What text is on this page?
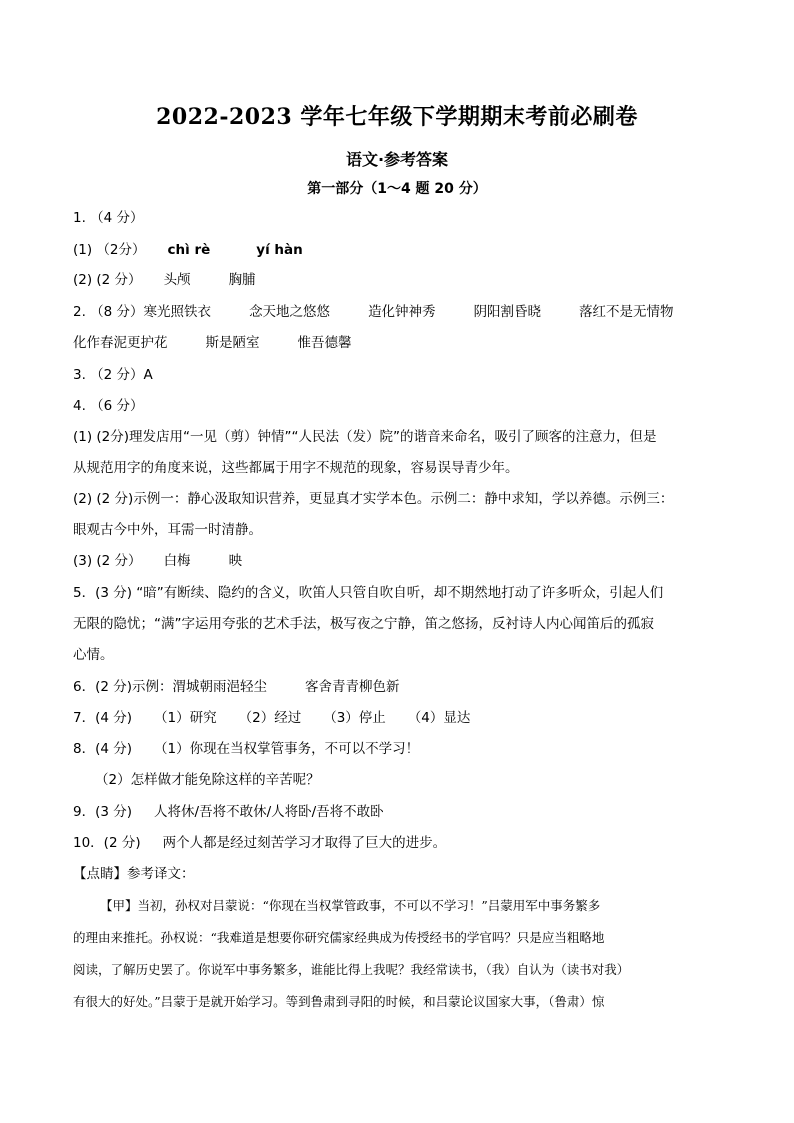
2022-2023 学年七年级下学期期末考前必刷卷
语文·参考答案
第一部分（1～4 题 20 分）
1. （4 分）
(1) （2分） chì rè	yí hàn
(2) (2 分） 头颅	胸脯
2. （8 分）寒光照铁衣	念天地之悠悠	造化钟神秀	阴阳割昏晓	落红不是无情物
化作春泥更护花	斯是陋室	惟吾德馨
3. （2 分）A
4. （6 分）
(1) (2分)理发店用“一见（剪）钟情”“人民法（发）院”的谐音来命名，吸引了顾客的注意力，但是
从规范用字的角度来说，这些都属于用字不规范的现象，容易误导青少年。
(2) (2 分)示例一：静心汲取知识营养，更显真才实学本色。示例二：静中求知，学以养德。示例三：
眼观古今中外，耳需一时清静。
(3) (2 分） 白梅	映
5．(3 分) “暗”有断续、隐约的含义，吹笛人只管自吹自听，却不期然地打动了许多听众，引起人们
无限的隐忧；“满”字运用夸张的艺术手法，极写夜之宁静，笛之悠扬，反衬诗人内心闻笛后的孤寂
心情。
6．(2 分)示例：渭城朝雨浥轻尘	客舍青青柳色新
7．(4 分) （1）研究 （2）经过 （3）停止 （4）显达
8．(4 分) （1）你现在当权掌管事务，不可以不学习！
（2）怎样做才能免除这样的辛苦呢？
9．(3 分) 人将休/吾将不敢休/人将卧/吾将不敢卧
10．(2 分) 两个人都是经过刻苦学习才取得了巨大的进步。
【点睛】参考译文：
【甲】当初，孙权对吕蒙说：“你现在当权掌管政事，不可以不学习！”吕蒙用军中事务繁多
的理由来推托。孙权说：“我难道是想要你研究儒家经典成为传授经书的学官吗？只是应当粗略地
阅读，了解历史罢了。你说军中事务繁多，谁能比得上我呢？我经常读书，（我）自认为（读书对我）
有很大的好处。”吕蒙于是就开始学习。等到鲁肃到寻阳的时候，和吕蒙论议国家大事，（鲁肃）惊
